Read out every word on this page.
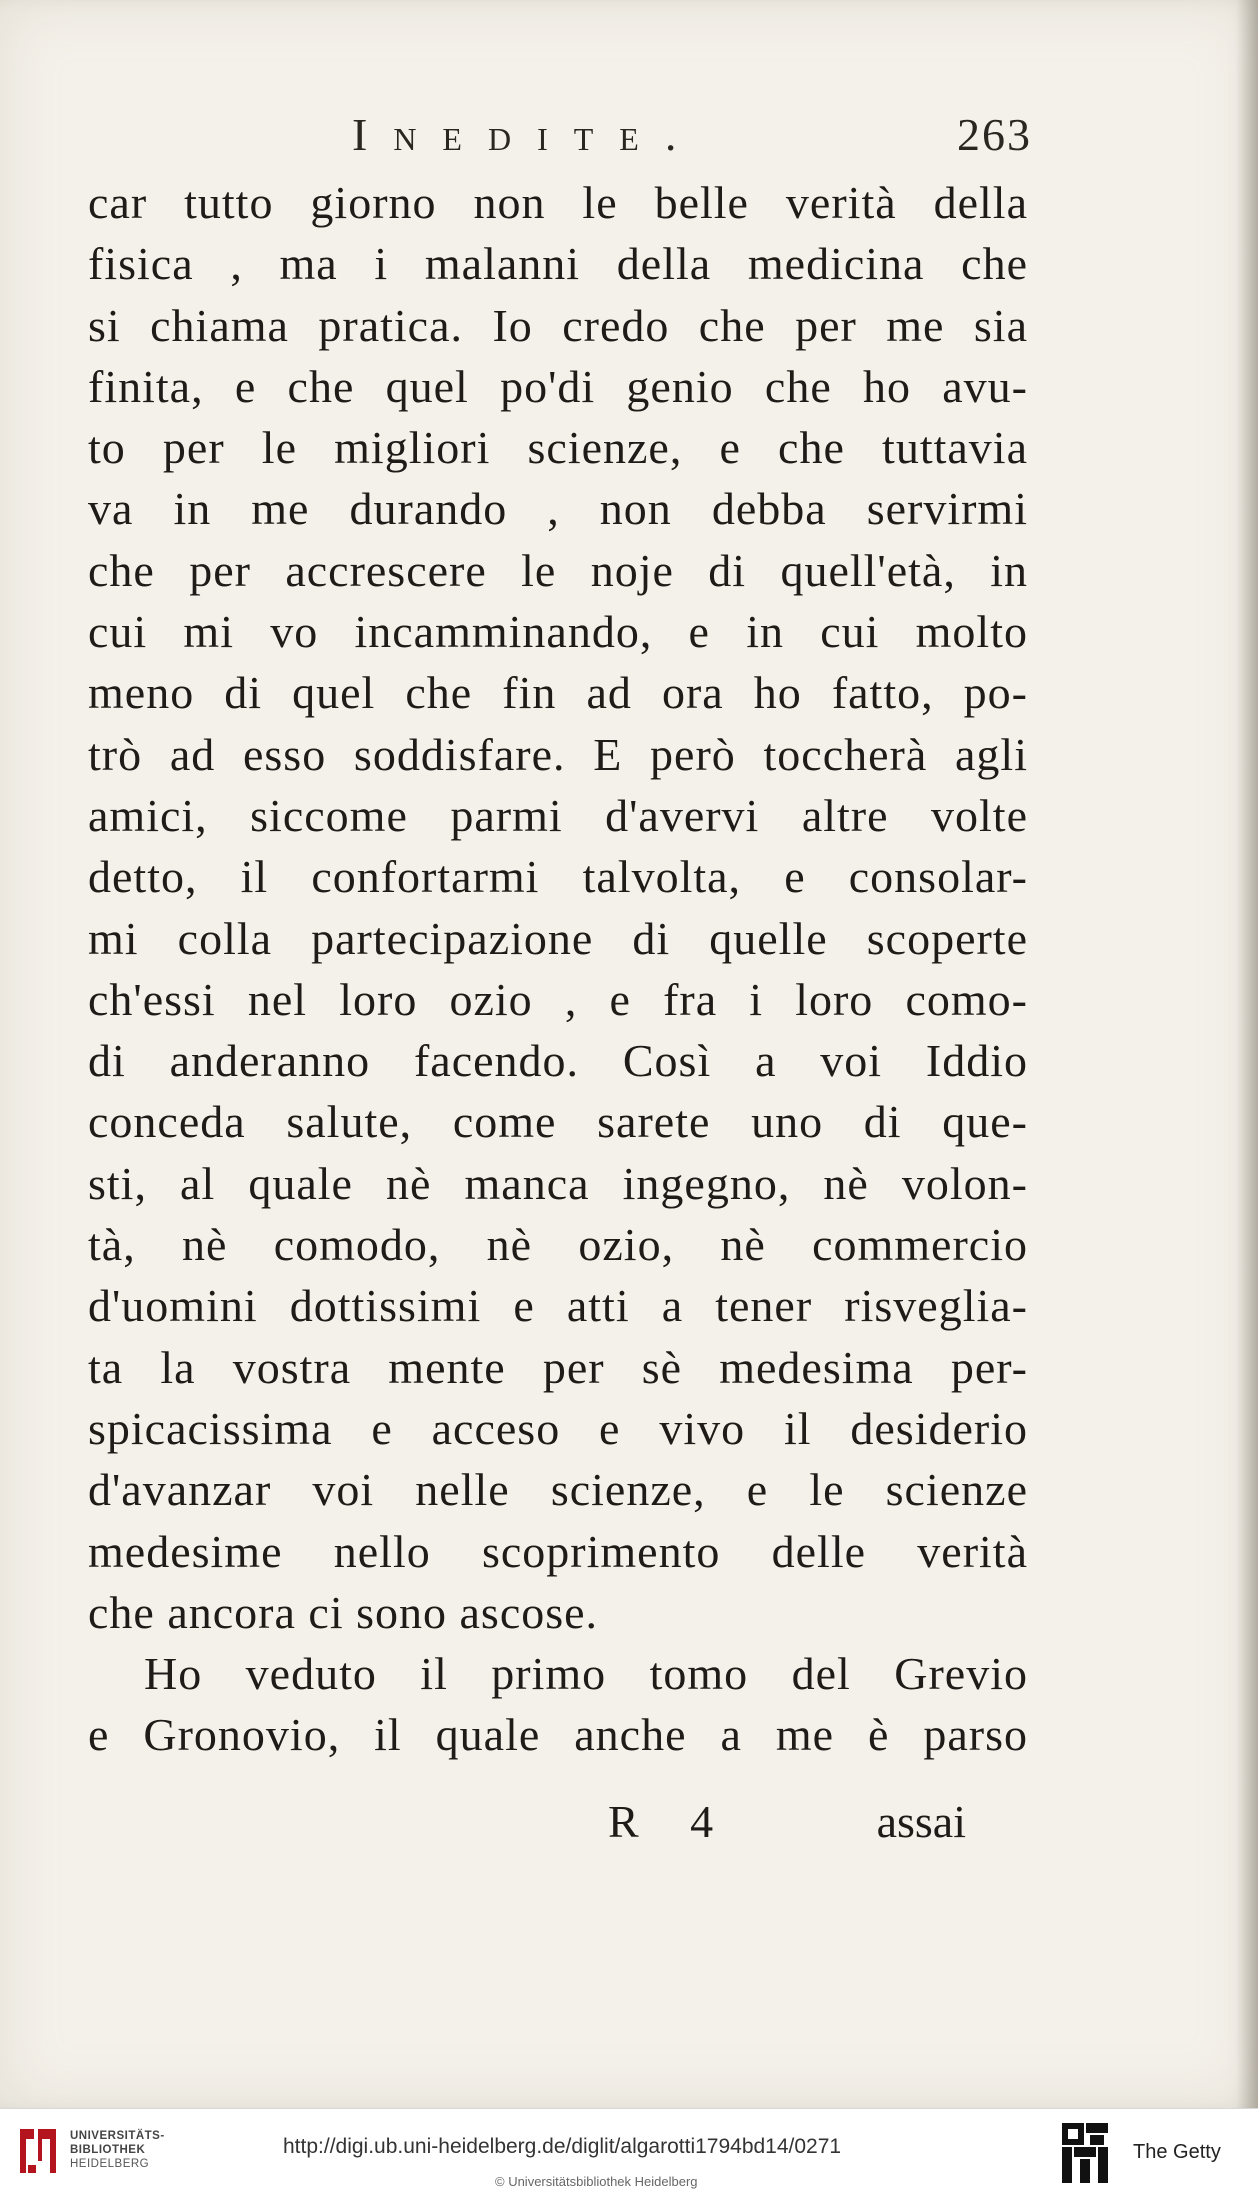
Inedite.	263
car tutto giorno non le belle verità della
fisica , ma i malanni della medicina che
si chiama pratica. Io credo che per me sia
finita, e che quel po'di genio che ho avu-
to per le migliori scienze, e che tuttavia
va in me durando , non debba servirmi
che per accrescere le noje di quell'età, in
cui mi vo incamminando, e in cui molto
meno di quel che fin ad ora ho fatto, po-
trò ad esso soddisfare. E però toccherà agli
amici, siccome parmi d'avervi altre volte
detto, il confortarmi talvolta, e consolar-
mi colla partecipazione di quelle scoperte
ch'essi nel loro ozio , e fra i loro como-
di anderanno facendo. Così a voi Iddio
conceda salute, come sarete uno di que-
sti, al quale nè manca ingegno, nè volon-
tà, nè comodo, nè ozio, nè commercio
d'uomini dottissimi e atti a tener risveglia-
ta la vostra mente per sè medesima per-
spicacissima e acceso e vivo il desiderio
d'avanzar voi nelle scienze, e le scienze
medesime nello scoprimento delle verità
che ancora ci sono ascose.
Ho veduto il primo tomo del Grevio
e Gronovio, il quale anche a me è parso
R 4	assai
UNIVERSITÄTS-
BIBLIOTHEK
HEIDELBERG
http://digi.ub.uni-heidelberg.de/diglit/algarotti1794bd14/0271
© Universitätsbibliothek Heidelberg
The Getty
